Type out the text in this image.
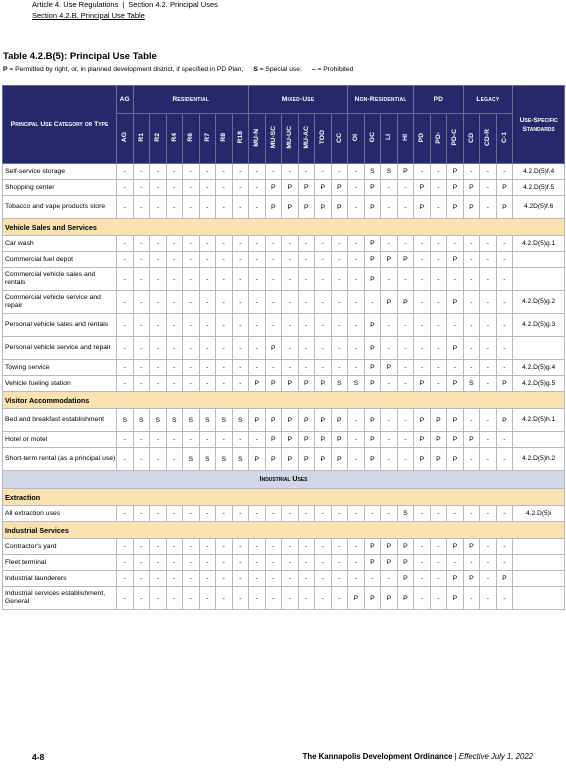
Article 4. Use Regulations | Section 4.2. Principal Uses
Section 4.2.B. Principal Use Table
Table 4.2.B(5): Principal Use Table
P = Permitted by right, or, in planned development district, if specified in PD Plan; S = Special use; – = Prohibited
Principal Use Category or Type	AG	Residential							Mixed-Use						Non-Residential				PD			Legacy			Use-Specific Standards
	AG	R1	R2	R4	R6	R7	R8	R18	MU-N	MU-SC	MU-UC	MU-AC	TOD	CC	OI	GC	LI	HI	PD	PD-	PD-C	CD	CD-R	C-1	
Self-service storage	-	-	-	-	-	-	-	-	-	-	-	-	-	-	-	S	S	P	-	-	P	-	-	-	4.2.D(5)f.4
Shopping center	-	-	-	-	-	-	-	-	-	P	P	P	P	P	-	P	-	-	P	-	P	P	-	P	4.2.D(5)f.5
Tobacco and vape products store	-	-	-	-	-	-	-	-	-	P	P	P	P	P	-	P	-	-	P	-	P	P	-	P	4.2D(5)f.6
Vehicle Sales and Services																									
Car wash	-	-	-	-	-	-	-	-	-	-	-	-	-	-	-	P	-	-	-	-	-	-	-	-	4.2.D(5)g.1
Commercial fuel depot	-	-	-	-	-	-	-	-	-	-	-	-	-	-	-	P	P	P	-	-	P	-	-	-	
Commercial vehicle sales and rentals	-	-	-	-	-	-	-	-	-	-	-	-	-	-	-	P	-	-	-	-	-	-	-	-	
Commercial vehicle service and repair	-	-	-	-	-	-	-	-	-	-	-	-	-	-	-	-	P	P	-	-	P	-	-	-	4.2.D(5)g.2
Personal vehicle sales and rentals	-	-	-	-	-	-	-	-	-	-	-	-	-	-	-	P	-	-	-	-	-	-	-	-	4.2.D(5)g.3
Personal vehicle service and repair	-	-	-	-	-	-	-	-	-	P	-	-	-	-	-	P	-	-	-	-	P	-	-	-	
Towing service	-	-	-	-	-	-	-	-	-	-	-	-	-	-	-	P	P	-	-	-	-	-	-	-	4.2.D(5)g.4
Vehicle fueling station	-	-	-	-	-	-	-	-	P	P	P	P	P	S	S	P	-	-	P	-	P	S	-	P	4.2.D(5)g.5
Visitor Accommodations																									
Bed and breakfast establishment	S	S	S	S	S	S	S	S	P	P	P	P	P	P	-	P	-	-	P	P	P	-	-	P	4.2.D(5)h.1
Hotel or motel	-	-	-	-	-	-	-	-	-	P	P	P	P	P	-	P	-	-	P	P	P	P	-	-	
Short-term rental (as a principal use)	-	-	-	-	S	S	S	S	P	P	P	P	P	P	-	P	-	-	P	P	P	-	-	-	4.2.D(5)h.2
Industrial Uses																									
Extraction																									
All extraction uses	-	-	-	-	-	-	-	-	-	-	-	-	-	-	-	-	-	S	-	-	-	-	-	-	4.2.D(5)i
Industrial Services																									
Contractor's yard	-	-	-	-	-	-	-	-	-	-	-	-	-	-	-	P	P	P	-	-	P	P	-	-	
Fleet terminal	-	-	-	-	-	-	-	-	-	-	-	-	-	-	-	P	P	P	-	-	-	-	-	-	
Industrial launderers	-	-	-	-	-	-	-	-	-	-	-	-	-	-	-	-	-	P	-	-	P	P	-	P	
Industrial services establishment, General	-	-	-	-	-	-	-	-	-	-	-	-	-	-	P	P	P	P	-	-	P	-	-	-	
4-8	The Kannapolis Development Ordinance | Effective July 1, 2022
